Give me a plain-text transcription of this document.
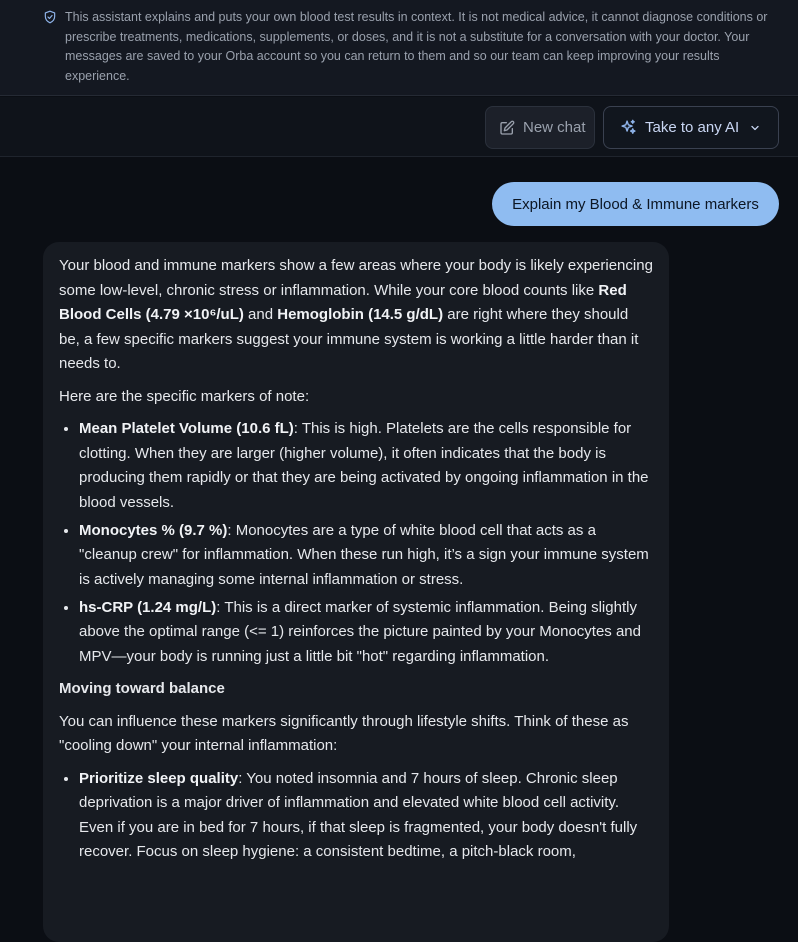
This assistant explains and puts your own blood test results in context. It is not medical advice, it cannot diagnose conditions or prescribe treatments, medications, supplements, or doses, and it is not a substitute for a conversation with your doctor. Your messages are saved to your Orba account so you can return to them and so our team can keep improving your results experience.
New chat	Take to any AI
Explain my Blood & Immune markers

Your blood and immune markers show a few areas where your body is likely experiencing some low-level, chronic stress or inflammation. While your core blood counts like Red Blood Cells (4.79 ×10⁶/uL) and Hemoglobin (14.5 g/dL) are right where they should be, a few specific markers suggest your immune system is working a little harder than it needs to.

Here are the specific markers of note:

• Mean Platelet Volume (10.6 fL): This is high. Platelets are the cells responsible for clotting. When they are larger (higher volume), it often indicates that the body is producing them rapidly or that they are being activated by ongoing inflammation in the blood vessels.
• Monocytes % (9.7 %): Monocytes are a type of white blood cell that acts as a "cleanup crew" for inflammation. When these run high, it’s a sign your immune system is actively managing some internal inflammation or stress.
• hs-CRP (1.24 mg/L): This is a direct marker of systemic inflammation. Being slightly above the optimal range (<= 1) reinforces the picture painted by your Monocytes and MPV—your body is running just a little bit "hot" regarding inflammation.

Moving toward balance

You can influence these markers significantly through lifestyle shifts. Think of these as "cooling down" your internal inflammation:

• Prioritize sleep quality: You noted insomnia and 7 hours of sleep. Chronic sleep deprivation is a major driver of inflammation and elevated white blood cell activity. Even if you are in bed for 7 hours, if that sleep is fragmented, your body doesn't fully recover. Focus on sleep hygiene: a consistent bedtime, a pitch-black room,
